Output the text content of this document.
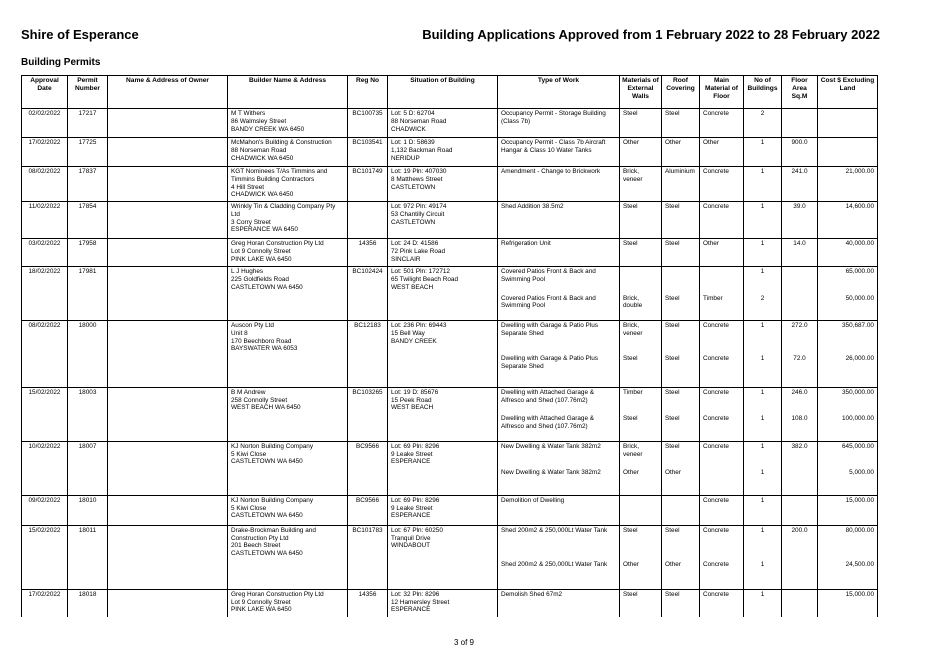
Shire of Esperance	Building Applications Approved from 1 February 2022 to 28 February 2022
Building Permits
Approval Date	Permit Number	Name & Address of Owner	Builder Name & Address	Reg No	Situation of Building	Type of Work	Materials of External Walls	Roof Covering	Main Material of Floor	No of Buildings	Floor Area Sq.M	Cost $ Excluding Land
02/02/2022	17217		M T Withers
86 Walmsley Street
BANDY CREEK WA 6450	BC100735	Lot: 5 D: 62704
88 Norseman Road
CHADWICK	Occupancy Permit - Storage Building
(Class 7b)	Steel	Steel	Concrete	2		
17/02/2022	17725		McMahon's Building & Construction
88 Norseman Road
CHADWICK WA 6450	BC103541	Lot: 1 D: 58639
1,132 Backman Road
NERIDUP	Occupancy Permit - Class 7b Aircraft
Hangar & Class 10 Water Tanks	Other	Other	Other	1	900.0	
08/02/2022	17837		KGT Nominees T/As Timmins and
Timmins Building Contractors
4 Hill Street
CHADWICK WA 6450	BC101749	Lot: 19 Pln: 407030
8 Matthews Street
CASTLETOWN	Amendment - Change to Brickwork	Brick,
veneer	Aluminium	Concrete	1	241.0	21,000.00
11/02/2022	17854		Wrinkly Tin & Cladding Company Pty
Ltd
3 Corry Street
ESPERANCE WA 6450		Lot: 972 Pln: 49174
53 Chantilly Circuit
CASTLETOWN	Shed Addition 38.5m2	Steel	Steel	Concrete	1	39.0	14,600.00
03/02/2022	17958		Greg Horan Construction Pty Ltd
Lot 9 Connolly Street
PINK LAKE WA 6450	14356	Lot: 24 D: 41586
72 Pink Lake Road
SINCLAIR	Refrigeration Unit	Steel	Steel	Other	1	14.0	40,000.00
18/02/2022	17981		L J Hughes
225 Goldfields Road
CASTLETOWN WA 6450	BC102424	Lot: 501 Pln: 172712
65 Twilight Beach Road
WEST BEACH	Covered Patios Front & Back and
Swimming Pool				1		65,000.00

						Covered Patios Front & Back and
Swimming Pool	Brick,
double	Steel	Timber	2		50,000.00
08/02/2022	18000		Auscon Pty Ltd
Unit 8
170 Beechboro Road
BAYSWATER WA 6053	BC12183	Lot: 236 Pln: 69443
15 Bell Way
BANDY CREEK	Dwelling with Garage & Patio Plus
Separate Shed	Brick,
veneer	Steel	Concrete	1	272.0	350,687.00

						Dwelling with Garage & Patio Plus
Separate Shed	Steel	Steel	Concrete	1	72.0	26,000.00
15/02/2022	18003		B M Andrew
258 Connolly Street
WEST BEACH WA 6450	BC103265	Lot: 19 D: 85676
15 Peek Road
WEST BEACH	Dwelling with Attached Garage &
Alfresco and Shed (107.76m2)	Timber	Steel	Concrete	1	246.0	350,000.00

						Dwelling with Attached Garage &
Alfresco and Shed (107.76m2)	Steel	Steel	Concrete	1	108.0	100,000.00
10/02/2022	18007		KJ Norton Building Company
5 Kiwi Close
CASTLETOWN WA 6450	BC9566	Lot: 69 Pln: 8296
9 Leake Street
ESPERANCE	New Dwelling & Water Tank 382m2	Brick,
veneer	Steel	Concrete	1	382.0	645,000.00
						New Dwelling & Water Tank 382m2	Other	Other		1		5,000.00
09/02/2022	18010		KJ Norton Building Company
5 Kiwi Close
CASTLETOWN WA 6450	BC9566	Lot: 69 Pln: 8296
9 Leake Street
ESPERANCE	Demolition of Dwelling			Concrete	1		15,000.00
15/02/2022	18011		Drake-Brockman Building and
Construction Pty Ltd
201 Beech Street
CASTLETOWN WA 6450	BC101783	Lot: 67 Pln: 60250
Tranquil Drive
WINDABOUT	Shed 200m2 & 250,000Lt Water Tank	Steel	Steel	Concrete	1	200.0	80,000.00
						Shed 200m2 & 250,000Lt Water Tank	Other	Other	Concrete	1		24,500.00
17/02/2022	18018		Greg Horan Construction Pty Ltd
Lot 9 Connolly Street
PINK LAKE WA 6450	14356	Lot: 32 Pln: 8296
12 Hamersley Street
ESPERANCE	Demolish Shed 67m2	Steel	Steel	Concrete	1		15,000.00
3 of 9
